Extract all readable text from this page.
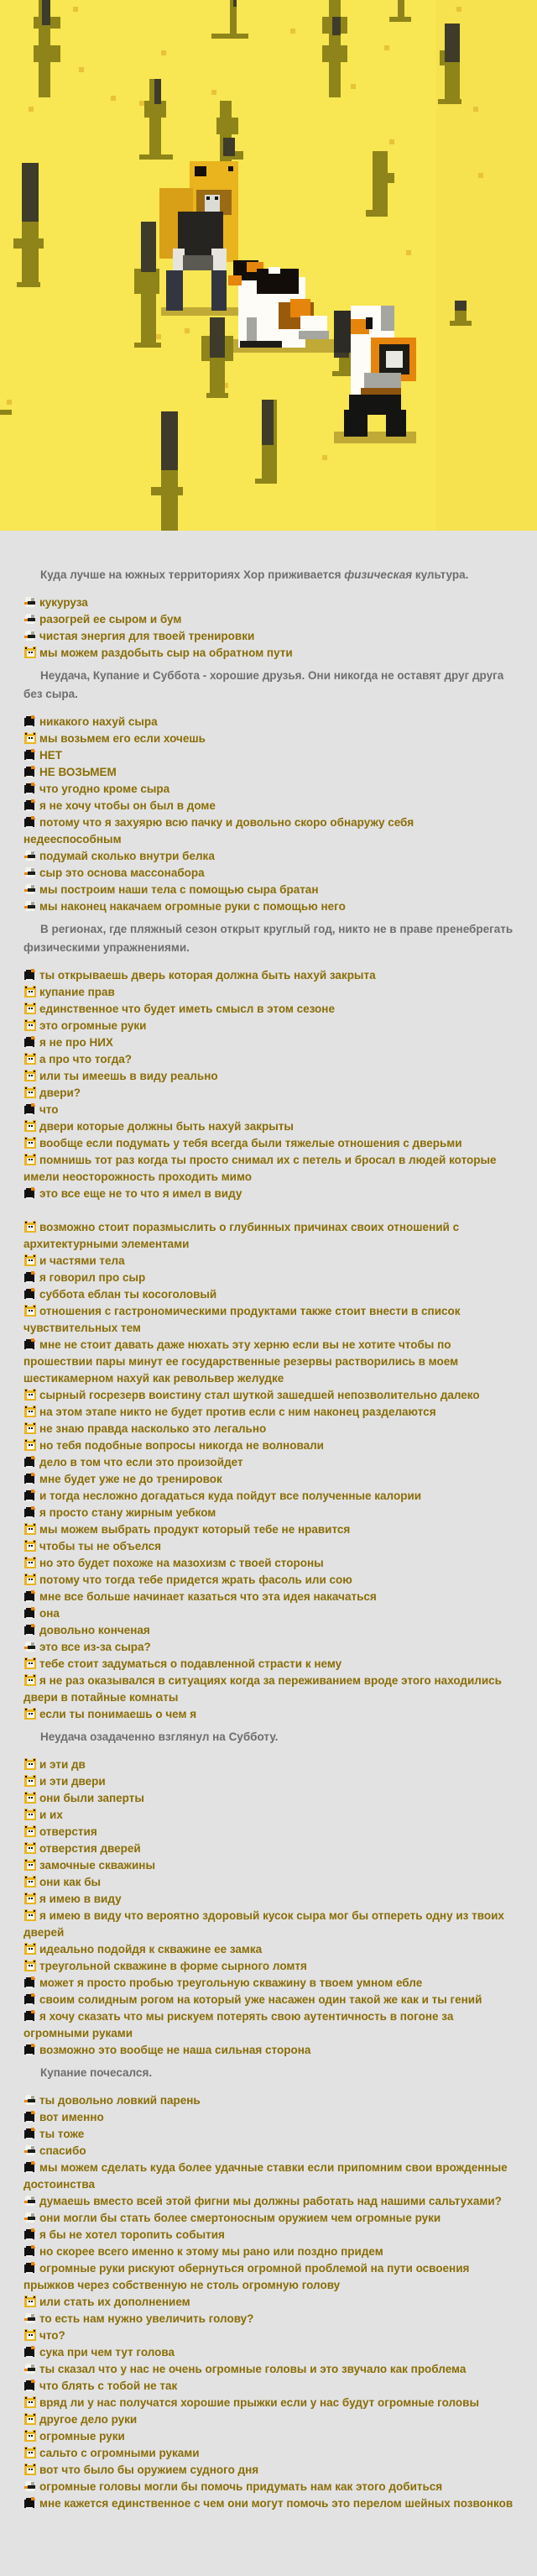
Куда лучше на южных территориях Хор приживается физическая культура.

кукуруза

разогрей ее сыром и бум

чистая энергия для твоей тренировки

мы можем раздобыть сыр на обратном пути

Неудача, Купание и Суббота - хорошие друзья. Они никогда не оставят друг друга без сыра.

никакого нахуй сыра

мы возьмем его если хочешь

НЕТ

НЕ ВОЗЬМЕМ

что угодно кроме сыра

я не хочу чтобы он был в доме

потому что я захуярю всю пачку и довольно скоро обнаружу себя недееспособным

подумай сколько внутри белка

сыр это основа массонабора

мы построим наши тела с помощью сыра братан

мы наконец накачаем огромные руки с помощью него

В регионах, где пляжный сезон открыт круглый год, никто не в праве пренебрегать физическими упражнениями.

ты открываешь дверь которая должна быть нахуй закрыта

купание прав

единственное что будет иметь смысл в этом сезоне

это огромные руки

я не про НИХ

а про что тогда?

или ты имеешь в виду реально

двери?

что

двери которые должны быть нахуй закрыты

вообще если подумать у тебя всегда были тяжелые отношения с дверьми

помнишь тот раз когда ты просто снимал их с петель и бросал в людей которые имели неосторожность проходить мимо

это все еще не то что я имел в виду

возможно стоит поразмыслить о глубинных причинах своих отношений с архитектурными элементами

и частями тела

я говорил про сыр

суббота еблан ты косоголовый

отношения с гастрономическими продуктами также стоит внести в список чувствительных тем

мне не стоит давать даже нюхать эту херню если вы не хотите чтобы по прошествии пары минут ее государственные резервы растворились в моем шестикамерном нахуй как револьвер желудке

сырный госрезерв воистину стал шуткой зашедшей непозволительно далеко

на этом этапе никто не будет против если с ним наконец разделаются

не знаю правда насколько это легально

но тебя подобные вопросы никогда не волновали

дело в том что если это произойдет

мне будет уже не до тренировок

и тогда несложно догадаться куда пойдут все полученные калории

я просто стану жирным уебком

мы можем выбрать продукт который тебе не нравится

чтобы ты не объелся

но это будет похоже на мазохизм с твоей стороны

потому что тогда тебе придется жрать фасоль или сою

мне все больше начинает казаться что эта идея накачаться

она

довольно конченая

это все из-за сыра?

тебе стоит задуматься о подавленной страсти к нему

я не раз оказывался в ситуациях когда за переживанием вроде этого находились двери в потайные комнаты

если ты понимаешь о чем я

Неудача озадаченно взглянул на Субботу.

и эти дв

и эти двери

они были заперты

и их

отверстия

отверстия дверей

замочные скважины

они как бы

я имею в виду

я имею в виду что вероятно здоровый кусок сыра мог бы отпереть одну из твоих дверей

идеально подойдя к скважине ее замка

треугольной скважине в форме сырного ломтя

может я просто пробью треугольную скважину в твоем умном ебле

своим солидным рогом на который уже насажен один такой же как и ты гений

я хочу сказать что мы рискуем потерять свою аутентичность в погоне за огромными руками

возможно это вообще не наша сильная сторона

Купание почесался.

ты довольно ловкий парень

вот именно

ты тоже

спасибо

мы можем сделать куда более удачные ставки если припомним свои врожденные достоинства

думаешь вместо всей этой фигни мы должны работать над нашими сальтухами?

они могли бы стать более смертоносным оружием чем огромные руки

я бы не хотел торопить события

но скорее всего именно к этому мы рано или поздно придем

огромные руки рискуют обернуться огромной проблемой на пути освоения прыжков через собственную не столь огромную голову

или стать их дополнением

то есть нам нужно увеличить голову?

что?

сука при чем тут голова

ты сказал что у нас не очень огромные головы и это звучало как проблема

что блять с тобой не так

вряд ли у нас получатся хорошие прыжки если у нас будут огромные головы

другое дело руки

огромные руки

сальто с огромными руками

вот что было бы оружием судного дня

огромные головы могли бы помочь придумать нам как этого добиться

мне кажется единственное с чем они могут помочь это перелом шейных позвонков
